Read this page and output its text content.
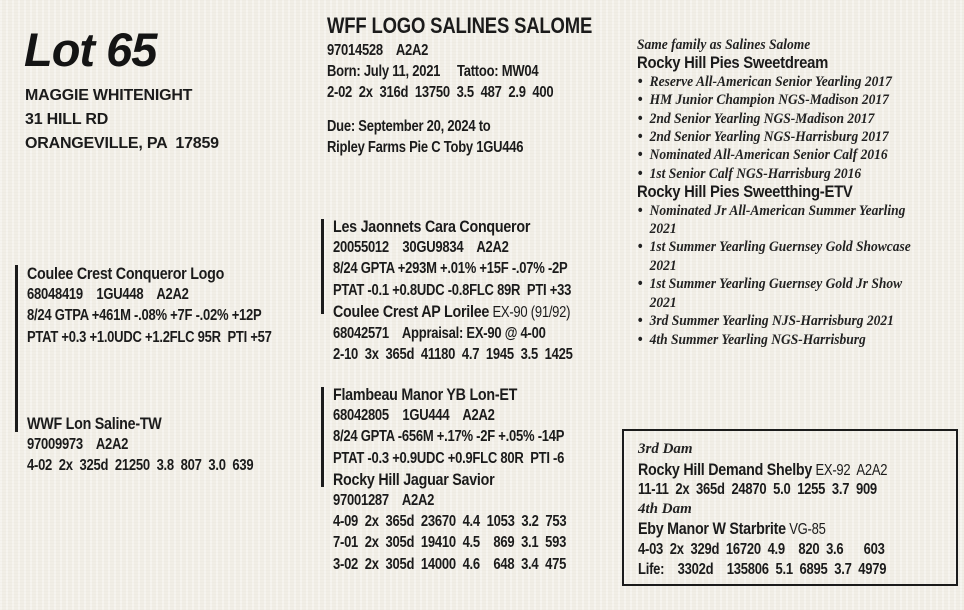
Lot 65
MAGGIE WHITENIGHT
31 HILL RD
ORANGEVILLE, PA  17859
WFF LOGO SALINES SALOME
97014528    A2A2
Born: July 11, 2021     Tattoo: MW04
2-02  2x  316d  13750  3.5  487  2.9  400
Due: September 20, 2024 to
Ripley Farms Pie C Toby 1GU446
Same family as Salines Salome
Rocky Hill Pies Sweetdream
• Reserve All-American Senior Yearling 2017
• HM Junior Champion NGS-Madison 2017
• 2nd Senior Yearling NGS-Madison 2017
• 2nd Senior Yearling NGS-Harrisburg 2017
• Nominated All-American Senior Calf 2016
• 1st Senior Calf NGS-Harrisburg 2016
Rocky Hill Pies Sweetthing-ETV
• Nominated Jr All-American Summer Yearling 2021
• 1st Summer Yearling Guernsey Gold Showcase 2021
• 1st Summer Yearling Guernsey Gold Jr Show 2021
• 3rd Summer Yearling NJS-Harrisburg 2021
• 4th Summer Yearling NGS-Harrisburg
Coulee Crest Conqueror Logo
68048419    1GU448    A2A2
8/24 GTPA +461M -.08% +7F -.02% +12P
PTAT +0.3 +1.0UDC +1.2FLC 95R  PTI +57
WWF Lon Saline-TW
97009973    A2A2
4-02  2x  325d  21250  3.8  807  3.0  639
Les Jaonnets Cara Conqueror
20055012    30GU9834    A2A2
8/24 GPTA +293M +.01% +15F -.07% -2P
PTAT -0.1 +0.8UDC -0.8FLC 89R  PTI +33
Coulee Crest AP Lorilee EX-90 (91/92)
68042571    Appraisal: EX-90 @ 4-00
2-10  3x  365d  41180  4.7  1945  3.5  1425
Flambeau Manor YB Lon-ET
68042805    1GU444    A2A2
8/24 GPTA -656M +.17% -2F +.05% -14P
PTAT -0.3 +0.9UDC +0.9FLC 80R  PTI -6
Rocky Hill Jaguar Savior
97001287    A2A2
4-09  2x  365d  23670  4.4  1053  3.2  753
7-01  2x  305d  19410  4.5    869  3.1  593
3-02  2x  305d  14000  4.6    648  3.4  475
3rd Dam
Rocky Hill Demand Shelby EX-92  A2A2
11-11  2x  365d  24870  5.0  1255  3.7  909
4th Dam
Eby Manor W Starbrite VG-85
4-03  2x  329d  16720  4.9    820  3.6      603
Life:    3302d    135806  5.1  6895  3.7  4979
